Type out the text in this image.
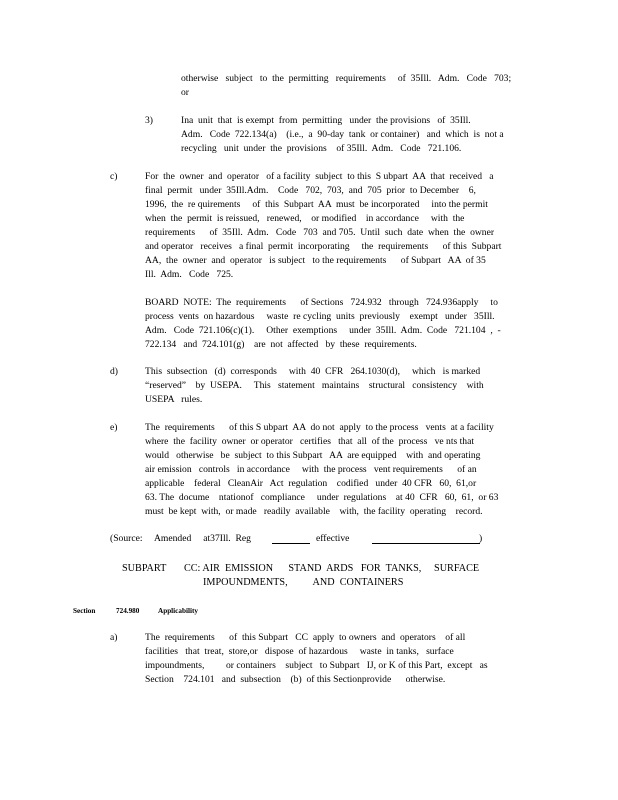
otherwise   subject   to  the  permitting   requirements     of  35Ill.   Adm.   Code   703;
or
3)	Ina  unit  that  is exempt  from  permitting   under  the provisions   of  35Ill.
Adm.   Code  722.134(a)    (i.e.,  a  90-day  tank  or container)   and  which  is  not a
recycling   unit  under  the  provisions    of 35Ill.  Adm.   Code   721.106.
c)	For  the  owner  and  operator   of a facility  subject  to this  S ubpart  AA  that  received   a
final  permit   under  35Ill.Adm.    Code   702,  703,  and  705  prior  to December    6,
1996,  the  re quirements     of  this  Subpart  AA  must  be incorporated     into the permit
when  the  permit  is reissued,   renewed,    or modified    in accordance     with  the
requirements      of  35Ill.  Adm.   Code   703  and 705.  Until  such  date  when  the  owner
and operator   receives   a final  permit  incorporating     the  requirements      of this  Subpart
AA,  the  owner  and  operator   is subject   to the requirements      of Subpart   AA  of 35
Ill.  Adm.   Code   725.
BOARD  NOTE:  The  requirements      of Sections   724.932   through   724.936apply     to
process  vents  on hazardous     waste  re cycling  units  previously    exempt   under   35Ill.
Adm.   Code  721.106(c)(1).     Other  exemptions     under  35Ill.  Adm.  Code   721.104  ,  -
722.134   and  724.101(g)    are  not  affected   by  these  requirements.
d)	This  subsection   (d)  corresponds     with  40  CFR   264.1030(d),     which   is marked
“reserved”    by  USEPA.     This   statement   maintains    structural   consistency    with
USEPA   rules.
e)	The  requirements      of this S ubpart  AA  do not  apply  to the process   vents  at a facility
where  the  facility  owner  or operator   certifies   that  all  of the  process   ve nts that
would   otherwise   be  subject  to this Subpart   AA  are equipped    with  and operating
air emission   controls   in accordance     with  the process   vent requirements      of an
applicable    federal   CleanAir   Act  regulation    codified   under  40 CFR   60,  61,or
63. The  docume    ntationof   compliance     under  regulations    at 40  CFR   60,  61,  or 63
must  be kept  with,  or made   readily  available    with,  the facility  operating    record.
(Source:     Amended     at37Ill.  Reg	effective	)
SUBPART       CC: AIR  EMISSION      STAND  ARDS   FOR  TANKS,     SURFACE
IMPOUNDMENTS,          AND  CONTAINERS
Section	724.980	Applicability
a)	The  requirements      of  this Subpart   CC  apply  to owners  and  operators    of all
facilities   that  treat,  store,or   dispose  of hazardous     waste  in tanks,   surface
impoundments,         or containers    subject   to Subpart   IJ, or K of this Part,  except   as
Section    724.101   and  subsection    (b)  of this Sectionprovide      otherwise.
